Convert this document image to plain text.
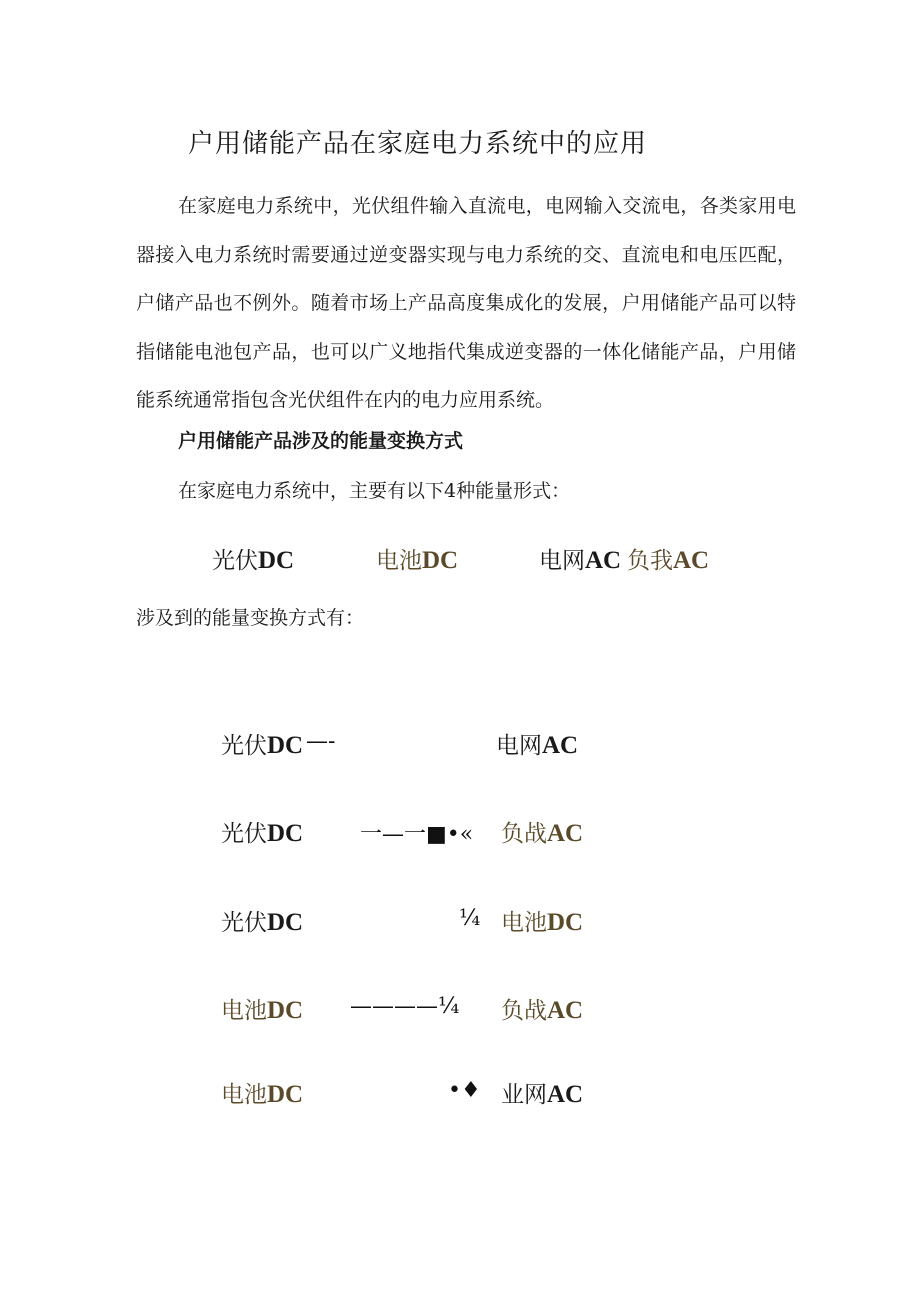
户用储能产品在家庭电力系统中的应用

在家庭电力系统中，光伏组件输入直流电，电网输入交流电，各类家用电器接入电力系统时需要通过逆变器实现与电力系统的交、直流电和电压匹配，户储产品也不例外。随着市场上产品高度集成化的发展，户用储能产品可以特指储能电池包产品，也可以广义地指代集成逆变器的一体化储能产品，户用储能系统通常指包含光伏组件在内的电力应用系统。

户用储能产品涉及的能量变换方式
在家庭电力系统中，主要有以下4种能量形式：
光伏DC	电池DC	电网AC 负我AC
涉及到的能量变换方式有：
光伏DC —-	电网AC
光伏DC	一—一■•« 负战AC
光伏DC	¼ 电池DC
电池DC ————¼ 负战AC
电池DC	•♦ 业网AC
